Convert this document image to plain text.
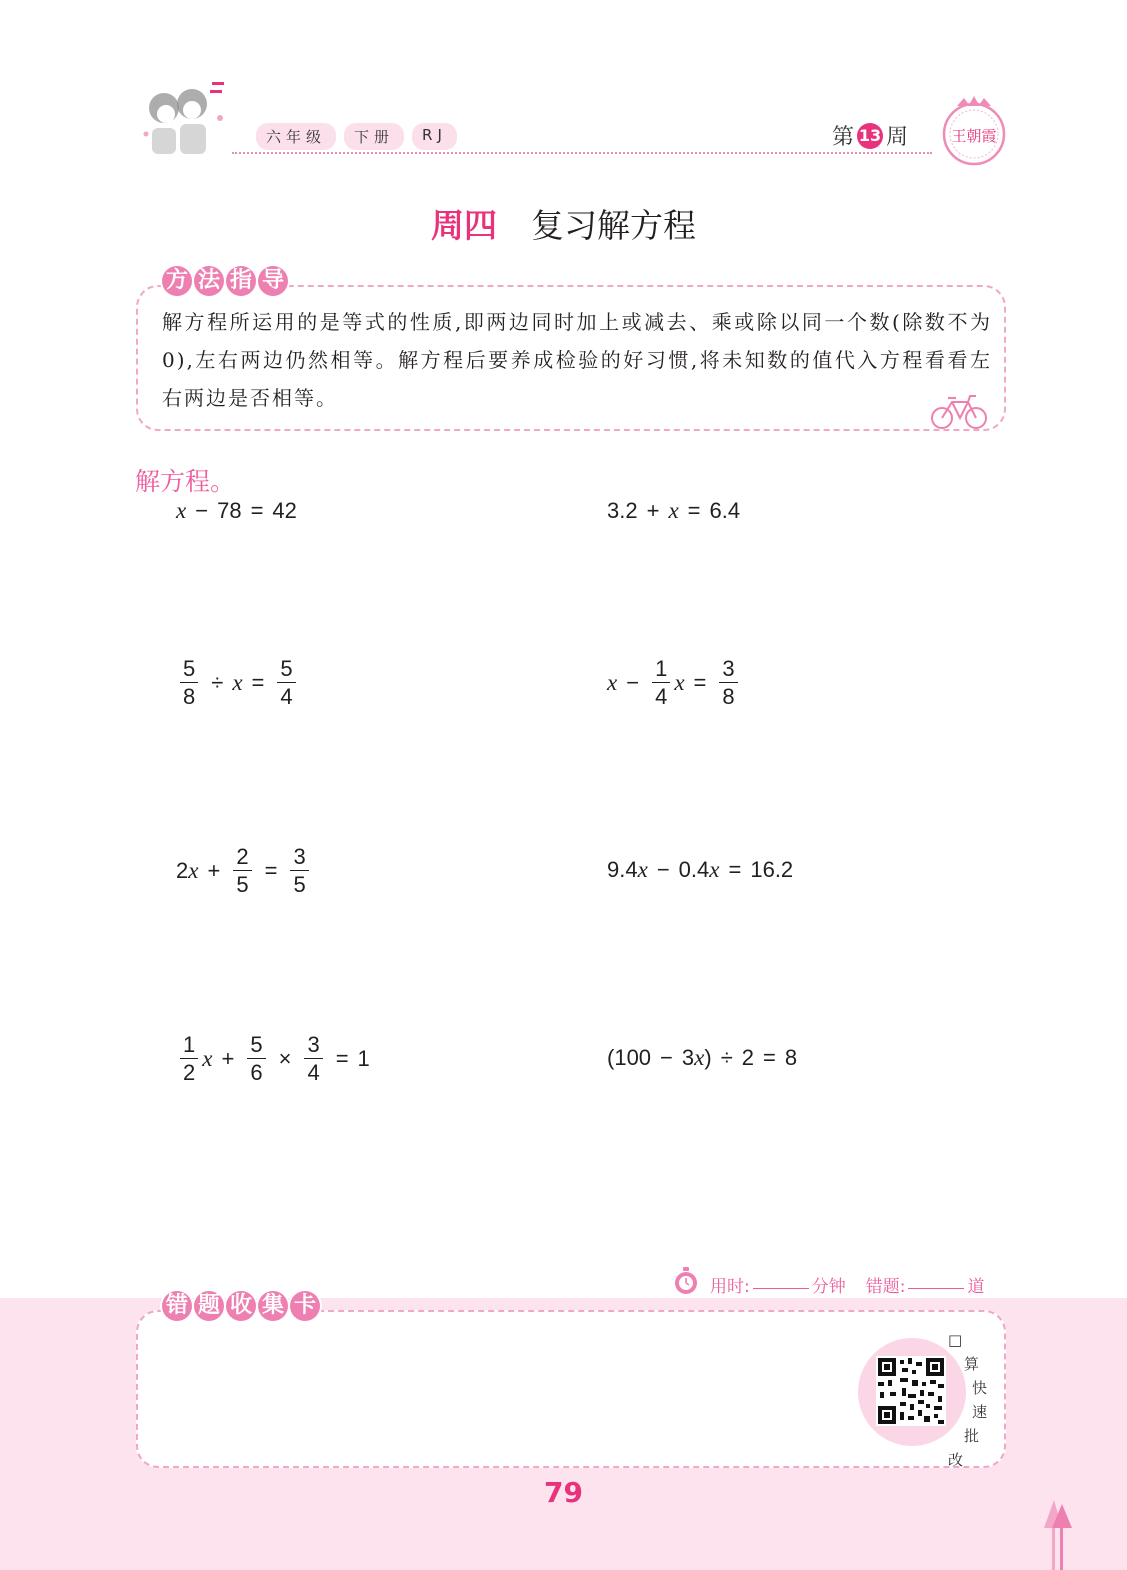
六年级	下册	RJ	第 13 周	王朝霞
周四 复习解方程
方 法 指 导
解方程所运用的是等式的性质,即两边同时加上或减去、乘或除以同一个数(除数不为0),左右两边仍然相等。解方程后要养成检验的好习惯,将未知数的值代入方程看看左右两边是否相等。
解方程。
x − 78 = 42	3.2 + x = 6.4
$\frac{5}{8} \div x = \frac{5}{4}$	$x - \frac{1}{4}$ $x = \frac{3}{8}$
2 $x + \frac{2}{5} = \frac{3}{5}$	9.4 x − 0.4 x = 16.2
$\frac{1}{2}$ $x + \frac{5}{6} \times \frac{3}{4} = 1$	( 100 − 3 x ) ÷ 2 = 8
用时:	分钟 错题:	道
错 题 收 集 卡
□
算
快
速
批
改
79
